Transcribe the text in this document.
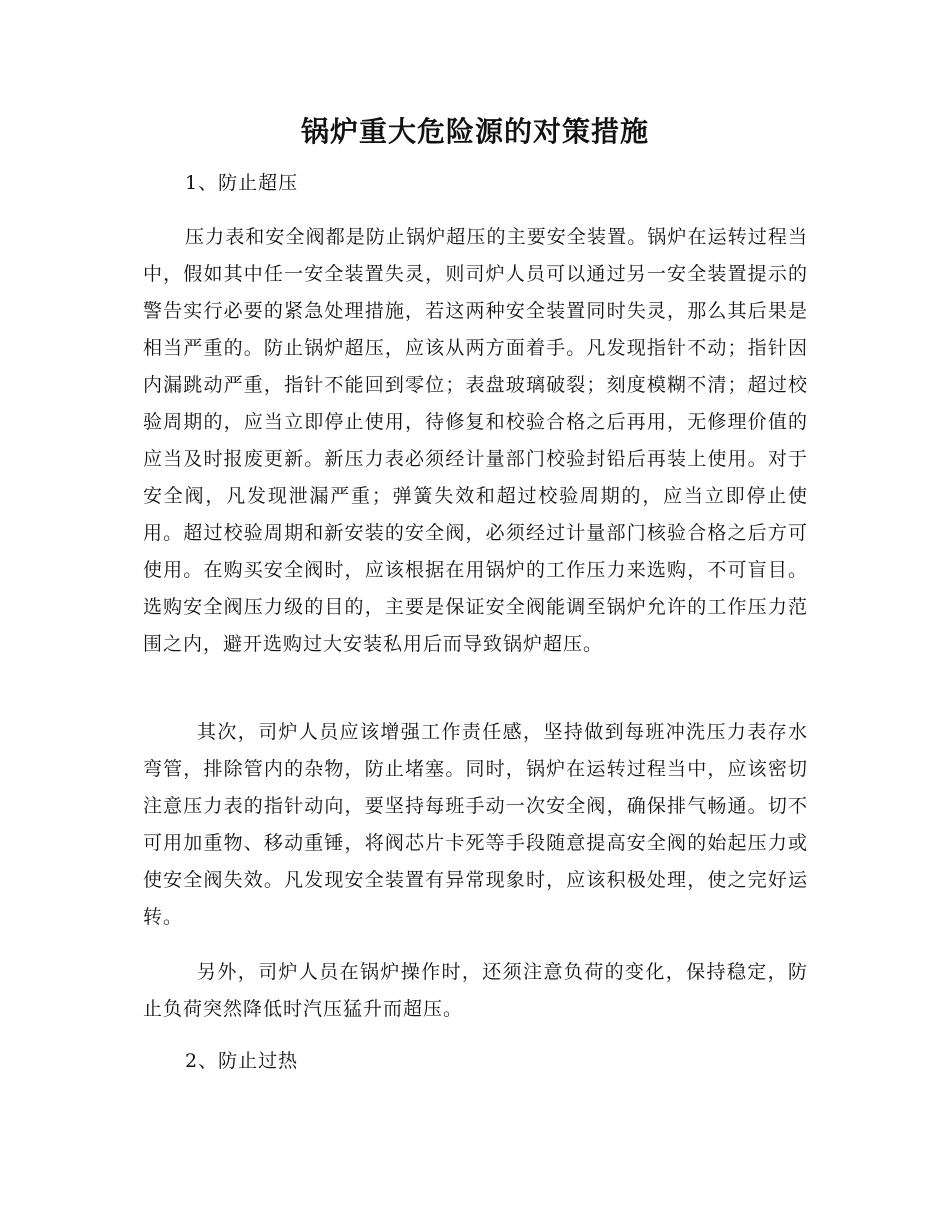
锅炉重大危险源的对策措施

1、防止超压

压力表和安全阀都是防止锅炉超压的主要安全装置。锅炉在运转过程当中，假如其中任一安全装置失灵，则司炉人员可以通过另一安全装置提示的警告实行必要的紧急处理措施，若这两种安全装置同时失灵，那么其后果是相当严重的。防止锅炉超压，应该从两方面着手。凡发现指针不动；指针因内漏跳动严重，指针不能回到零位；表盘玻璃破裂；刻度模糊不清；超过校验周期的，应当立即停止使用，待修复和校验合格之后再用，无修理价值的应当及时报废更新。新压力表必须经计量部门校验封铅后再装上使用。对于安全阀，凡发现泄漏严重；弹簧失效和超过校验周期的，应当立即停止使用。超过校验周期和新安装的安全阀，必须经过计量部门核验合格之后方可使用。在购买安全阀时，应该根据在用锅炉的工作压力来选购，不可盲目。选购安全阀压力级的目的，主要是保证安全阀能调至锅炉允许的工作压力范围之内，避开选购过大安装私用后而导致锅炉超压。

其次，司炉人员应该增强工作责任感，坚持做到每班冲洗压力表存水弯管，排除管内的杂物，防止堵塞。同时，锅炉在运转过程当中，应该密切注意压力表的指针动向，要坚持每班手动一次安全阀，确保排气畅通。切不可用加重物、移动重锤，将阀芯片卡死等手段随意提高安全阀的始起压力或使安全阀失效。凡发现安全装置有异常现象时，应该积极处理，使之完好运转。

另外，司炉人员在锅炉操作时，还须注意负荷的变化，保持稳定，防止负荷突然降低时汽压猛升而超压。

2、防止过热
